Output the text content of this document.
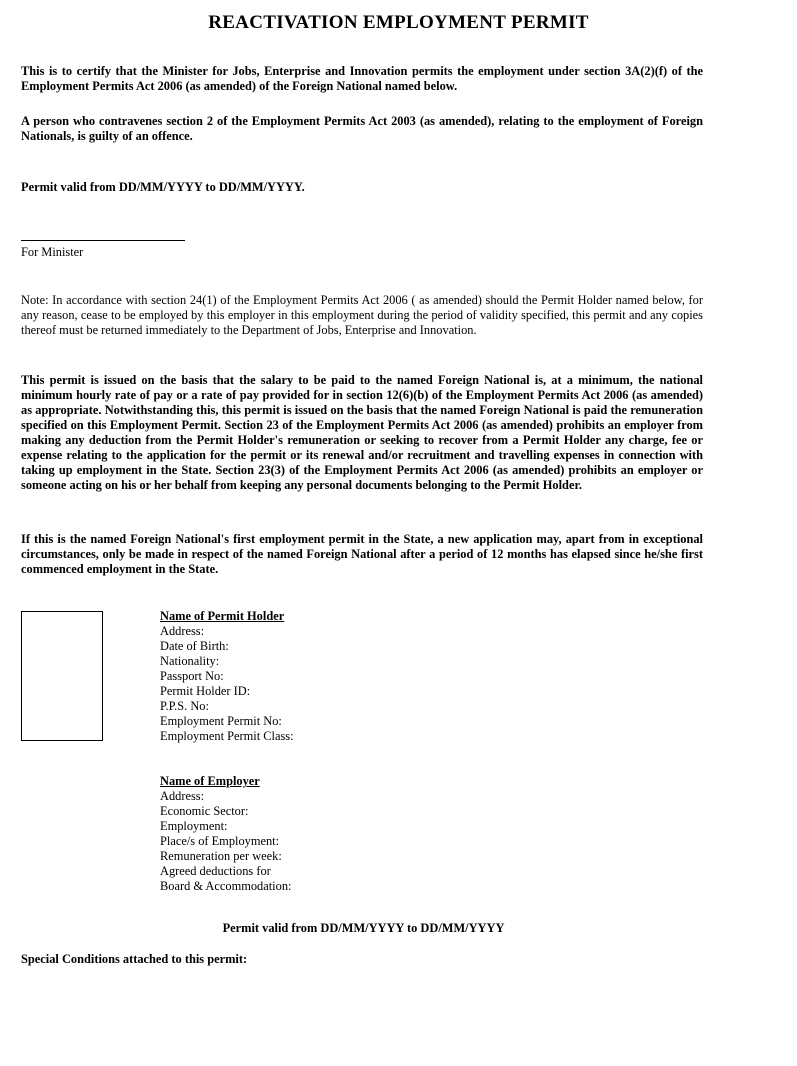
REACTIVATION EMPLOYMENT PERMIT
This is to certify that the Minister for Jobs, Enterprise and Innovation permits the employment under section 3A(2)(f) of the Employment Permits Act 2006 (as amended) of the Foreign National named below.
A person who contravenes section 2 of the Employment Permits Act 2003 (as amended), relating to the employment of Foreign Nationals, is guilty of an offence.
Permit valid from DD/MM/YYYY to DD/MM/YYYY.
For Minister
Note: In accordance with section 24(1) of the Employment Permits Act 2006 ( as amended) should the Permit Holder named below, for any reason, cease to be employed by this employer in this employment during the period of validity specified, this permit and any copies thereof must be returned immediately to the Department of Jobs, Enterprise and Innovation.
This permit is issued on the basis that the salary to be paid to the named Foreign National is, at a minimum, the national minimum hourly rate of pay or a rate of pay provided for in section 12(6)(b) of the Employment Permits Act 2006 (as amended) as appropriate. Notwithstanding this, this permit is issued on the basis that the named Foreign National is paid the remuneration specified on this Employment Permit. Section 23 of the Employment Permits Act 2006 (as amended) prohibits an employer from making any deduction from the Permit Holder's remuneration or seeking to recover from a Permit Holder any charge, fee or expense relating to the application for the permit or its renewal and/or recruitment and travelling expenses in connection with taking up employment in the State. Section 23(3) of the Employment Permits Act 2006 (as amended) prohibits an employer or someone acting on his or her behalf from keeping any personal documents belonging to the Permit Holder.
If this is the named Foreign National's first employment permit in the State, a new application may, apart from in exceptional circumstances, only be made in respect of the named Foreign National after a period of 12 months has elapsed since he/she first commenced employment in the State.
Name of Permit Holder
Address:
Date of Birth:
Nationality:
Passport No:
Permit Holder ID:
P.P.S. No:
Employment Permit No:
Employment Permit Class:
Name of Employer
Address:
Economic Sector:
Employment:
Place/s of Employment:
Remuneration per week:
Agreed deductions for
Board & Accommodation:
Permit valid from DD/MM/YYYY to DD/MM/YYYY
Special Conditions attached to this permit:
